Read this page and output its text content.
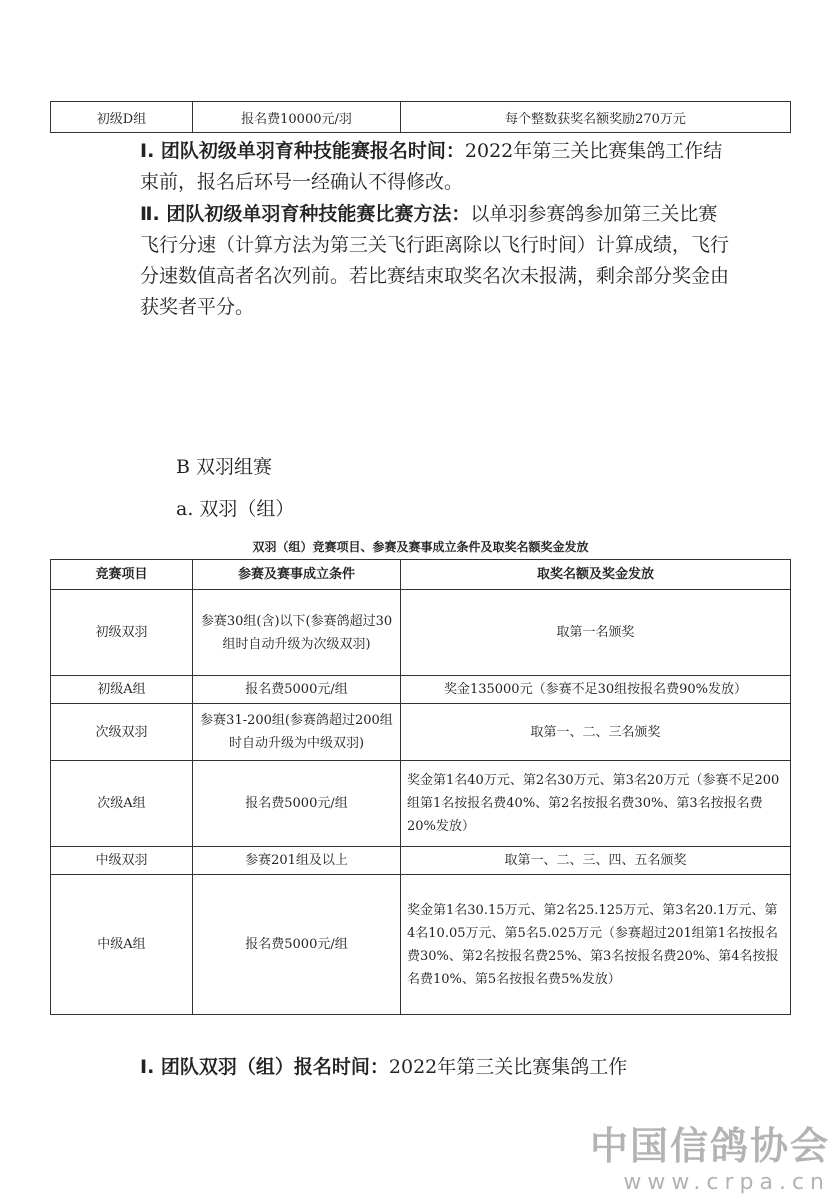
初级D组	报名费10000元/羽	每个整数获奖名额奖励270万元

Ⅰ. 团队初级单羽育种技能赛报名时间：2022年第三关比赛集鸽工作结束前，报名后环号一经确认不得修改。

Ⅱ. 团队初级单羽育种技能赛比赛方法：以单羽参赛鸽参加第三关比赛飞行分速（计算方法为第三关飞行距离除以飞行时间）计算成绩，飞行分速数值高者名次列前。若比赛结束取奖名次未报满，剩余部分奖金由获奖者平分。

B 双羽组赛

a. 双羽（组）

双羽（组）竞赛项目、参赛及赛事成立条件及取奖名额奖金发放
竞赛项目	参赛及赛事成立条件	取奖名额及奖金发放
初级双羽	参赛30组(含)以下(参赛鸽超过30组时自动升级为次级双羽)	取第一名颁奖
初级A组	报名费5000元/组	奖金135000元（参赛不足30组按报名费90%发放）
次级双羽	参赛31-200组(参赛鸽超过200组时自动升级为中级双羽)	取第一、二、三名颁奖
次级A组	报名费5000元/组	奖金第1名40万元、第2名30万元、第3名20万元（参赛不足200组第1名按报名费40%、第2名按报名费30%、第3名按报名费20%发放）
中级双羽	参赛201组及以上	取第一、二、三、四、五名颁奖
中级A组	报名费5000元/组	奖金第1名30.15万元、第2名25.125万元、第3名20.1万元、第4名10.05万元、第5名5.025万元（参赛超过201组第1名按报名费30%、第2名按报名费25%、第3名按报名费20%、第4名按报名费10%、第5名按报名费5%发放）

Ⅰ. 团队双羽（组）报名时间：2022年第三关比赛集鸽工作

中国信鸽协会
www.crpa.cn
